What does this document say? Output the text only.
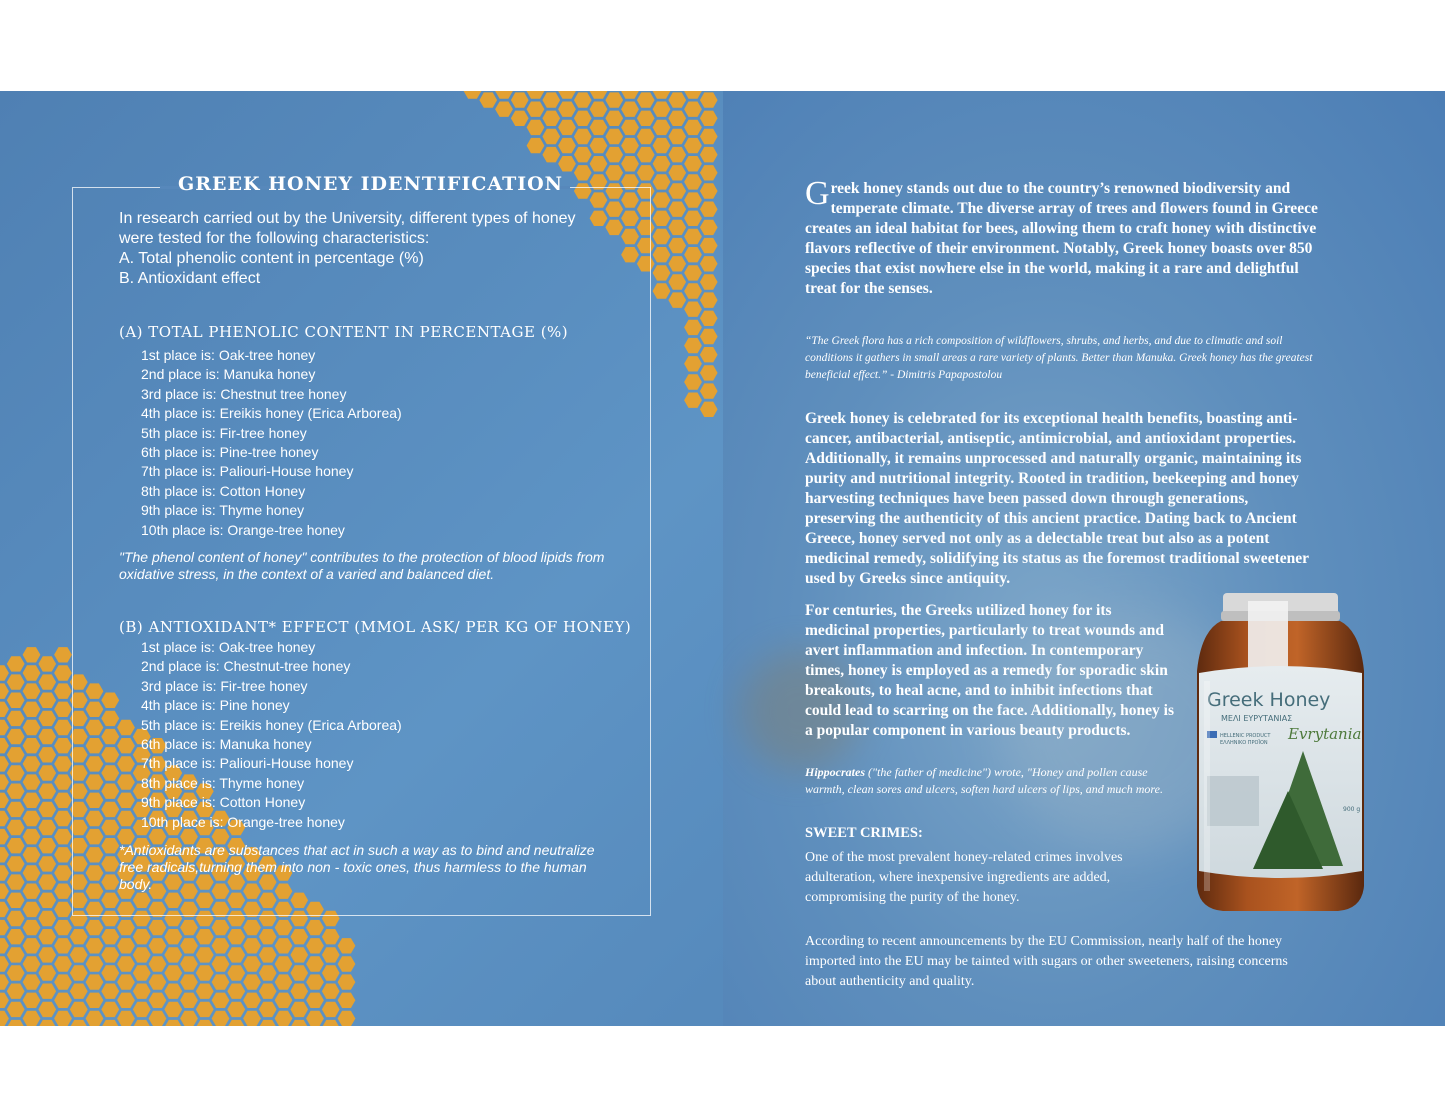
GREEK HONEY IDENTIFICATION
In research carried out by the University, different types of honey
were tested for the following characteristics:
A. Total phenolic content in percentage (%)
B. Antioxidant effect
(A) TOTAL PHENOLIC CONTENT IN PERCENTAGE (%)
1st place is: Oak-tree honey
2nd place is: Manuka honey
3rd place is: Chestnut tree honey
4th place is: Ereikis honey (Erica Arborea)
5th place is: Fir-tree honey
6th place is: Pine-tree honey
7th place is: Paliouri-House honey
8th place is: Cotton Honey
9th place is: Thyme honey
10th place is: Orange-tree honey
"The phenol content of honey" contributes to the protection of blood lipids from oxidative stress, in the context of a varied and balanced diet.
(B) ANTIOXIDANT* EFFECT (MMOL ASK/ PER KG OF HONEY)
1st place is: Oak-tree honey
2nd place is: Chestnut-tree honey
3rd place is: Fir-tree honey
4th place is: Pine honey
5th place is: Ereikis honey (Erica Arborea)
6th place is: Manuka honey
7th place is: Paliouri-House honey
8th place is: Thyme honey
9th place is: Cotton Honey
10th place is: Orange-tree honey
*Antioxidants are substances that act in such a way as to bind and neutralize free radicals,turning them into non - toxic ones, thus harmless to the human body.
Greek honey stands out due to the country’s renowned biodiversity and temperate climate. The diverse array of trees and flowers found in Greece creates an ideal habitat for bees, allowing them to craft honey with distinctive flavors reflective of their environment. Notably, Greek honey boasts over 850 species that exist nowhere else in the world, making it a rare and delightful treat for the senses.
“The Greek flora has a rich composition of wildflowers, shrubs, and herbs, and due to climatic and soil conditions it gathers in small areas a rare variety of plants. Better than Manuka. Greek honey has the greatest beneficial effect.” - Dimitris Papapostolou
Greek honey is celebrated for its exceptional health benefits, boasting anti-cancer, antibacterial, antiseptic, antimicrobial, and antioxidant properties. Additionally, it remains unprocessed and naturally organic, maintaining its purity and nutritional integrity. Rooted in tradition, beekeeping and honey harvesting techniques have been passed down through generations, preserving the authenticity of this ancient practice. Dating back to Ancient Greece, honey served not only as a delectable treat but also as a potent medicinal remedy, solidifying its status as the foremost traditional sweetener used by Greeks since antiquity.
For centuries, the Greeks utilized honey for its medicinal properties, particularly to treat wounds and avert inflammation and infection. In contemporary times, honey is employed as a remedy for sporadic skin breakouts, to heal acne, and to inhibit infections that could lead to scarring on the face. Additionally, honey is a popular component in various beauty products.
Hippocrates ("the father of medicine") wrote, "Honey and pollen cause warmth, clean sores and ulcers, soften hard ulcers of lips, and much more.
SWEET CRIMES:
One of the most prevalent honey-related crimes involves adulteration, where inexpensive ingredients are added, compromising the purity of the honey.
According to recent announcements by the EU Commission, nearly half of the honey imported into the EU may be tainted with sugars or other sweeteners, raising concerns about authenticity and quality.
Greek Honey
ΜΕΛΙ ΕΥΡΥΤΑΝΙΑΣ
Evrytania
HELLENIC PRODUCT
ΕΛΛΗΝΙΚΟ ΠΡΟΪΟΝ
900 g
